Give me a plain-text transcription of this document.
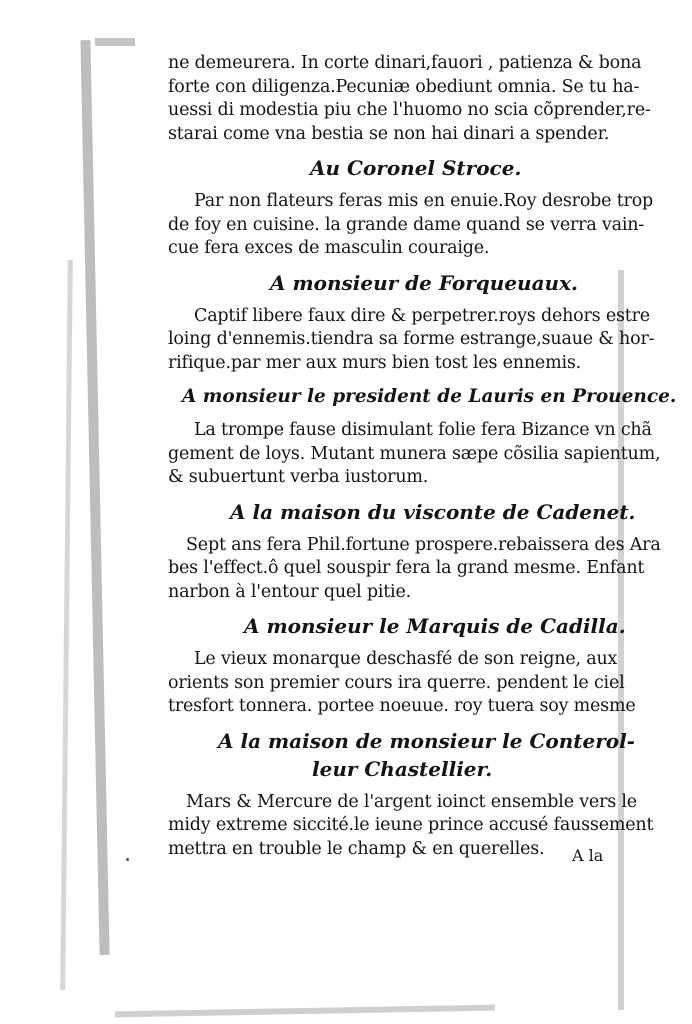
ne demeurera. In corte dinari,fauori , patienza & bona
forte con diligenza.Pecuniæ obediunt omnia. Se tu ha-
uessi di modestia piu che l'huomo no scia cõprender,re-
starai come vna bestia se non hai dinari a spender.
Au Coronel Stroce.
Par non flateurs feras mis en enuie.Roy desrobe trop
de foy en cuisine. la grande dame quand se verra vain-
cue fera exces de masculin couraige.
A monsieur de Forqueuaux.
Captif libere faux dire & perpetrer.roys dehors estre
loing d'ennemis.tiendra sa forme estrange,suaue & hor-
rifique.par mer aux murs bien tost les ennemis.
A monsieur le president de Lauris en Prouence.
La trompe fause disimulant folie fera Bizance vn chã
gement de loys. Mutant munera sæpe cõsilia sapientum,
& subuertunt verba iustorum.
A la maison du visconte de Cadenet.
Sept ans fera Phil.fortune prospere.rebaissera des Ara
bes l'effect.ô quel souspir fera la grand mesme. Enfant
narbon à l'entour quel pitie.
A monsieur le Marquis de Cadilla.
Le vieux monarque deschasfé de son reigne, aux
orients son premier cours ira querre. pendent le ciel
tresfort tonnera. portee noeuue. roy tuera soy mesme
A la maison de monsieur le Conterol-
leur Chastellier.
Mars & Mercure de l'argent ioinct ensemble vers le
midy extreme siccité.le ieune prince accusé faussement
mettra en trouble le champ & en querelles.	A la
